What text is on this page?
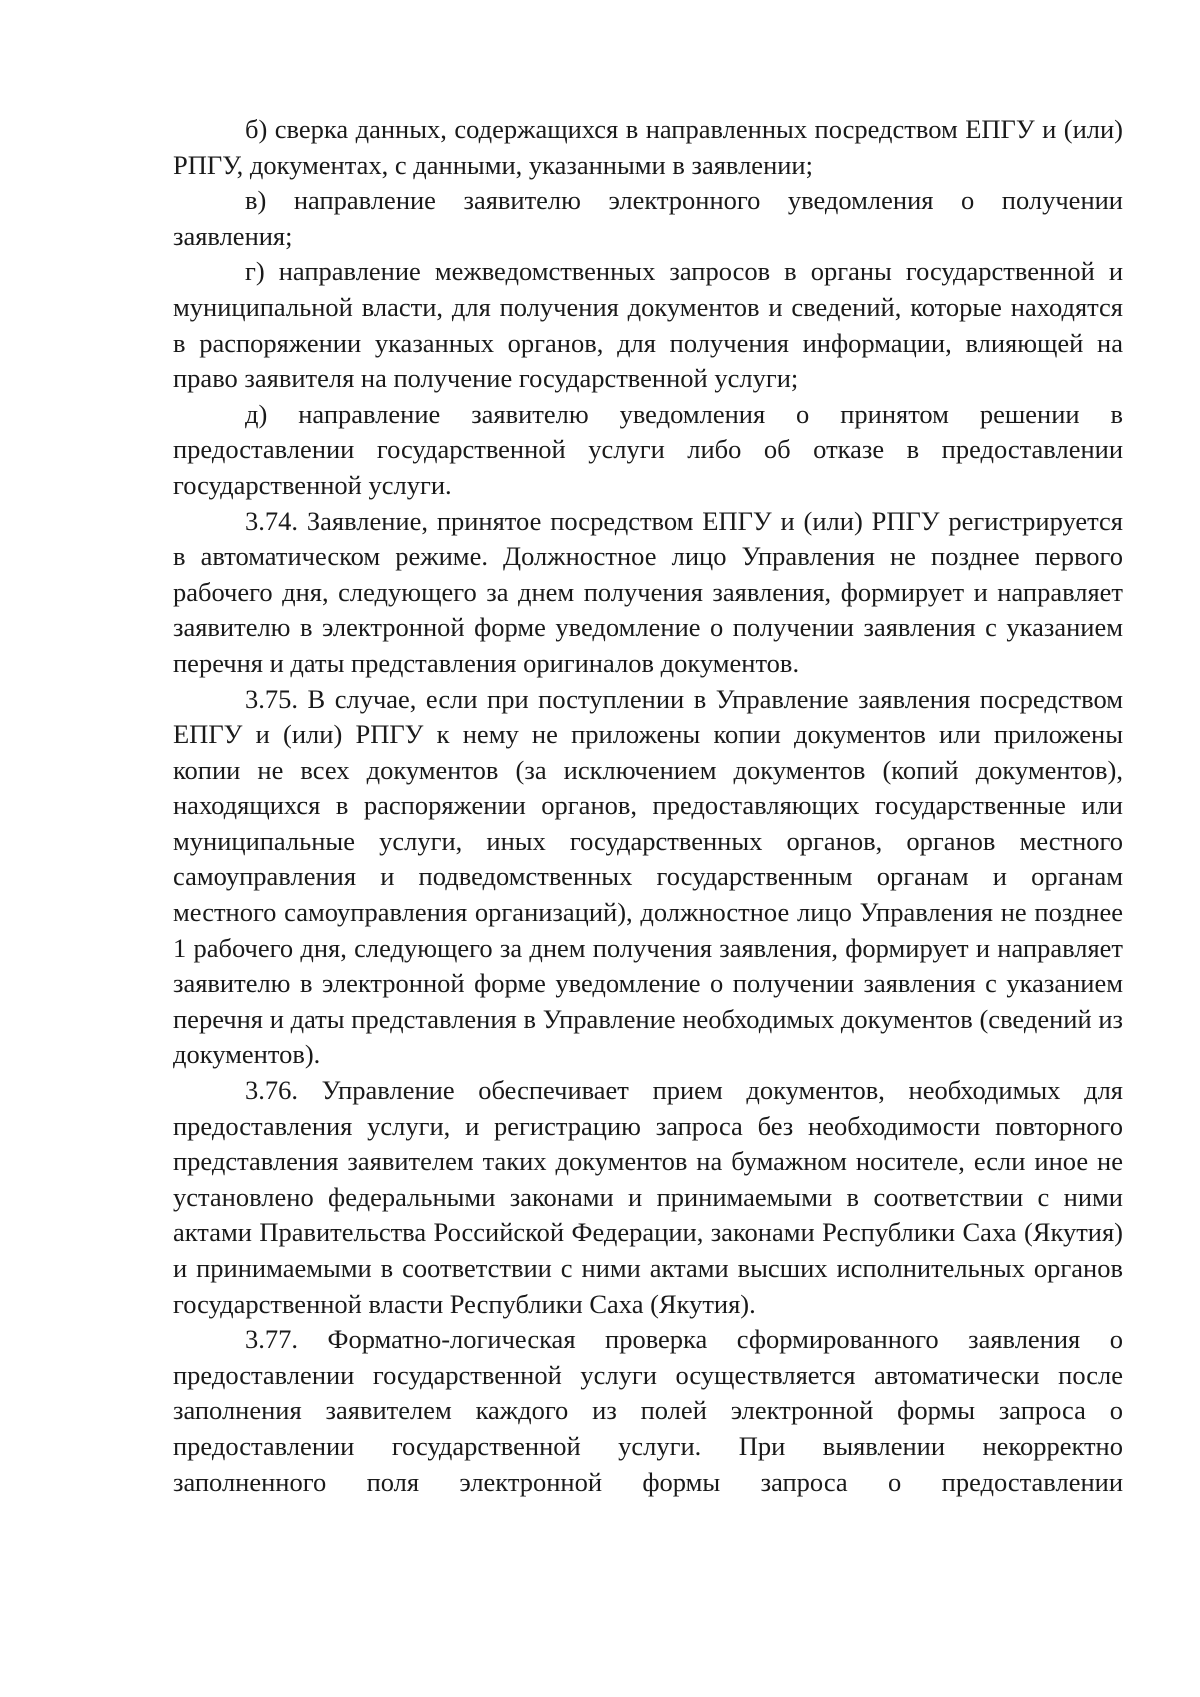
б) сверка данных, содержащихся в направленных посредством ЕПГУ и (или) РПГУ, документах, с данными, указанными в заявлении;

в) направление заявителю электронного уведомления о получении заявления;

г) направление межведомственных запросов в органы государственной и муниципальной власти, для получения документов и сведений, которые находятся в распоряжении указанных органов, для получения информации, влияющей на право заявителя на получение государственной услуги;

д) направление заявителю уведомления о принятом решении в предоставлении государственной услуги либо об отказе в предоставлении государственной услуги.

3.74. Заявление, принятое посредством ЕПГУ и (или) РПГУ регистрируется в автоматическом режиме. Должностное лицо Управления не позднее первого рабочего дня, следующего за днем получения заявления, формирует и направляет заявителю в электронной форме уведомление о получении заявления с указанием перечня и даты представления оригиналов документов.

3.75. В случае, если при поступлении в Управление заявления посредством ЕПГУ и (или) РПГУ к нему не приложены копии документов или приложены копии не всех документов (за исключением документов (копий документов), находящихся в распоряжении органов, предоставляющих государственные или муниципальные услуги, иных государственных органов, органов местного самоуправления и подведомственных государственным органам и органам местного самоуправления организаций), должностное лицо Управления не позднее 1 рабочего дня, следующего за днем получения заявления, формирует и направляет заявителю в электронной форме уведомление о получении заявления с указанием перечня и даты представления в Управление необходимых документов (сведений из документов).

3.76. Управление обеспечивает прием документов, необходимых для предоставления услуги, и регистрацию запроса без необходимости повторного представления заявителем таких документов на бумажном носителе, если иное не установлено федеральными законами и принимаемыми в соответствии с ними актами Правительства Российской Федерации, законами Республики Саха (Якутия) и принимаемыми в соответствии с ними актами высших исполнительных органов государственной власти Республики Саха (Якутия).

3.77. Форматно-логическая проверка сформированного заявления о предоставлении государственной услуги осуществляется автоматически после заполнения заявителем каждого из полей электронной формы запроса о предоставлении государственной услуги. При выявлении некорректно заполненного поля электронной формы запроса о предоставлении
